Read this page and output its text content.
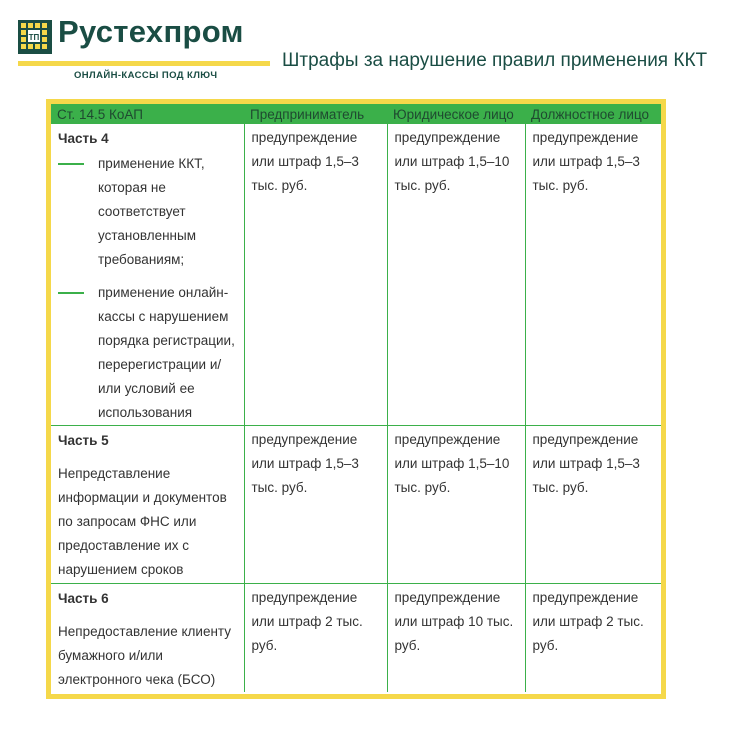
ТП Рустехпром
ОНЛАЙН-КАССЫ ПОД КЛЮЧ
Штрафы за нарушение правил применения ККТ
Ст. 14.5 КоАП	Предприниматель	Юридическое лицо	Должностное лицо

Часть 4
применение ККТ, которая не соответствует установленным требованиям;
применение онлайн-кассы с нарушением порядка регистрации, перерегистрации и/или условий ее использования	предупреждение или штраф 1,5–3 тыс. руб.	предупреждение или штраф 1,5–10 тыс. руб.	предупреждение или штраф 1,5–3 тыс. руб.

Часть 5
Непредставление информации и документов по запросам ФНС или предоставление их с нарушением сроков	предупреждение или штраф 1,5–3 тыс. руб.	предупреждение или штраф 1,5–10 тыс. руб.	предупреждение или штраф 1,5–3 тыс. руб.

Часть 6
Непредоставление клиенту бумажного и/или электронного чека (БСО)	предупреждение или штраф 2 тыс. руб.	предупреждение или штраф 10 тыс. руб.	предупреждение или штраф 2 тыс. руб.
